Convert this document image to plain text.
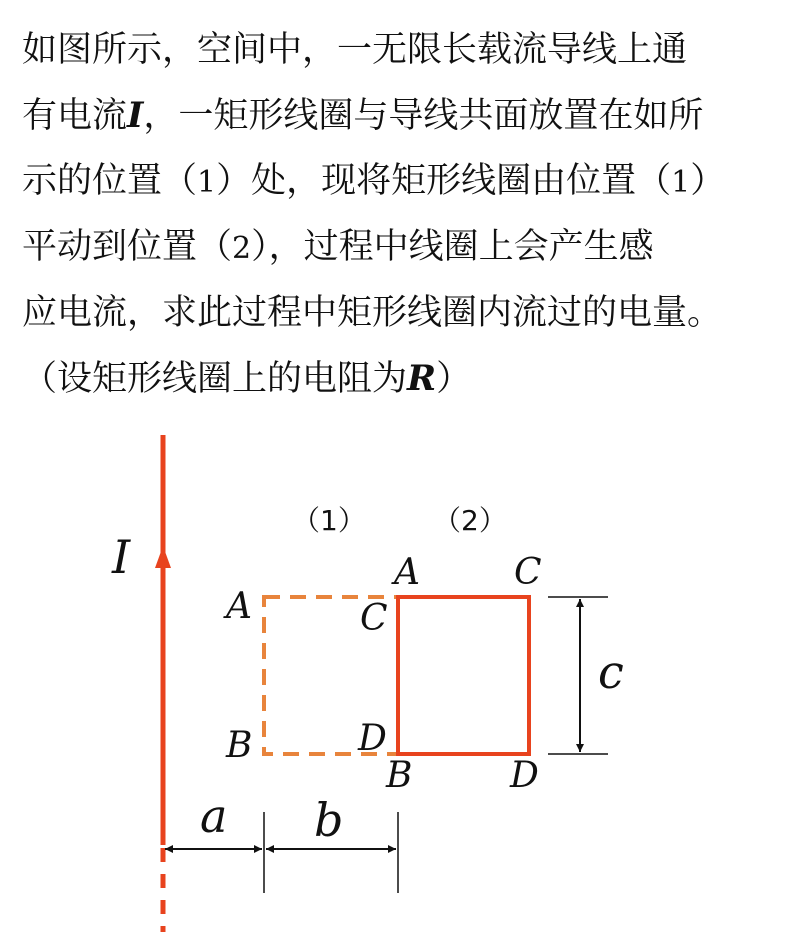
如图所示，空间中，一无限长载流导线上通
有电流I，一矩形线圈与导线共面放置在如所
示的位置（1）处，现将矩形线圈由位置（1）
平动到位置（2），过程中线圈上会产生感
应电流，求此过程中矩形线圈内流过的电量。
（设矩形线圈上的电阻为R）
I
（1） （2）
A
B
C
D
A	C
B	D
c
a b
